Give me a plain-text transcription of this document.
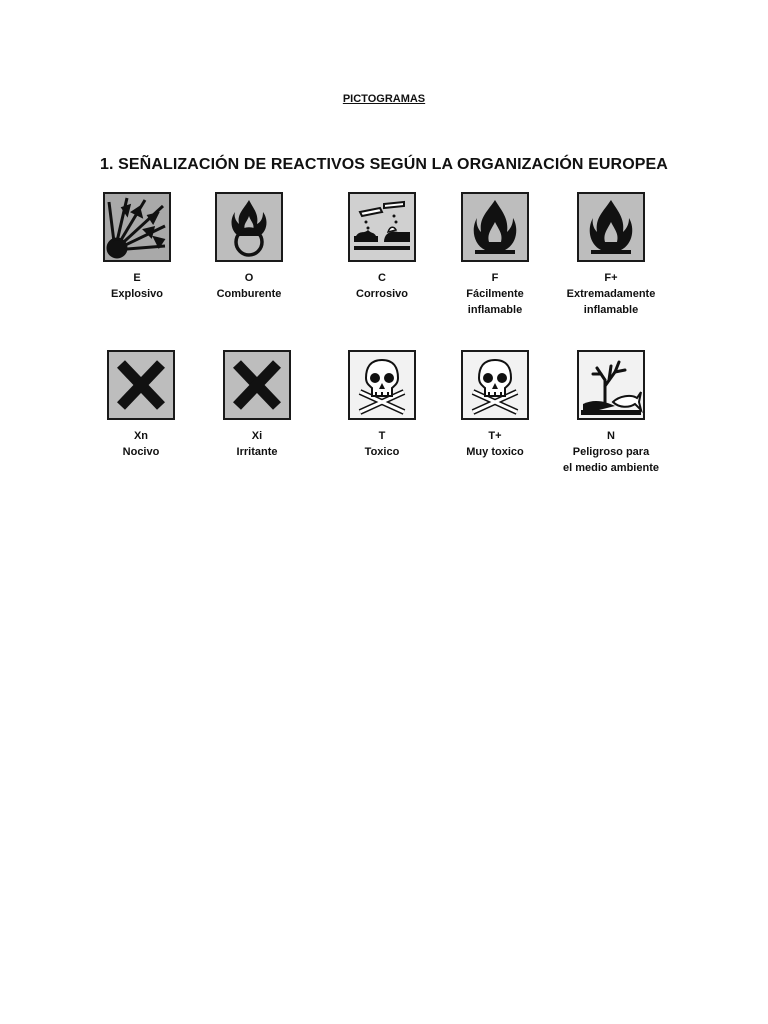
PICTOGRAMAS
1. SEÑALIZACIÓN DE REACTIVOS SEGÚN LA ORGANIZACIÓN EUROPEA
E
Explosivo
O
Comburente
C
Corrosivo
F
Fácilmente
inflamable
F+
Extremadamente
inflamable
Xn
Nocivo
Xi
Irritante
T
Toxico
T+
Muy toxico
N
Peligroso para
el medio ambiente
